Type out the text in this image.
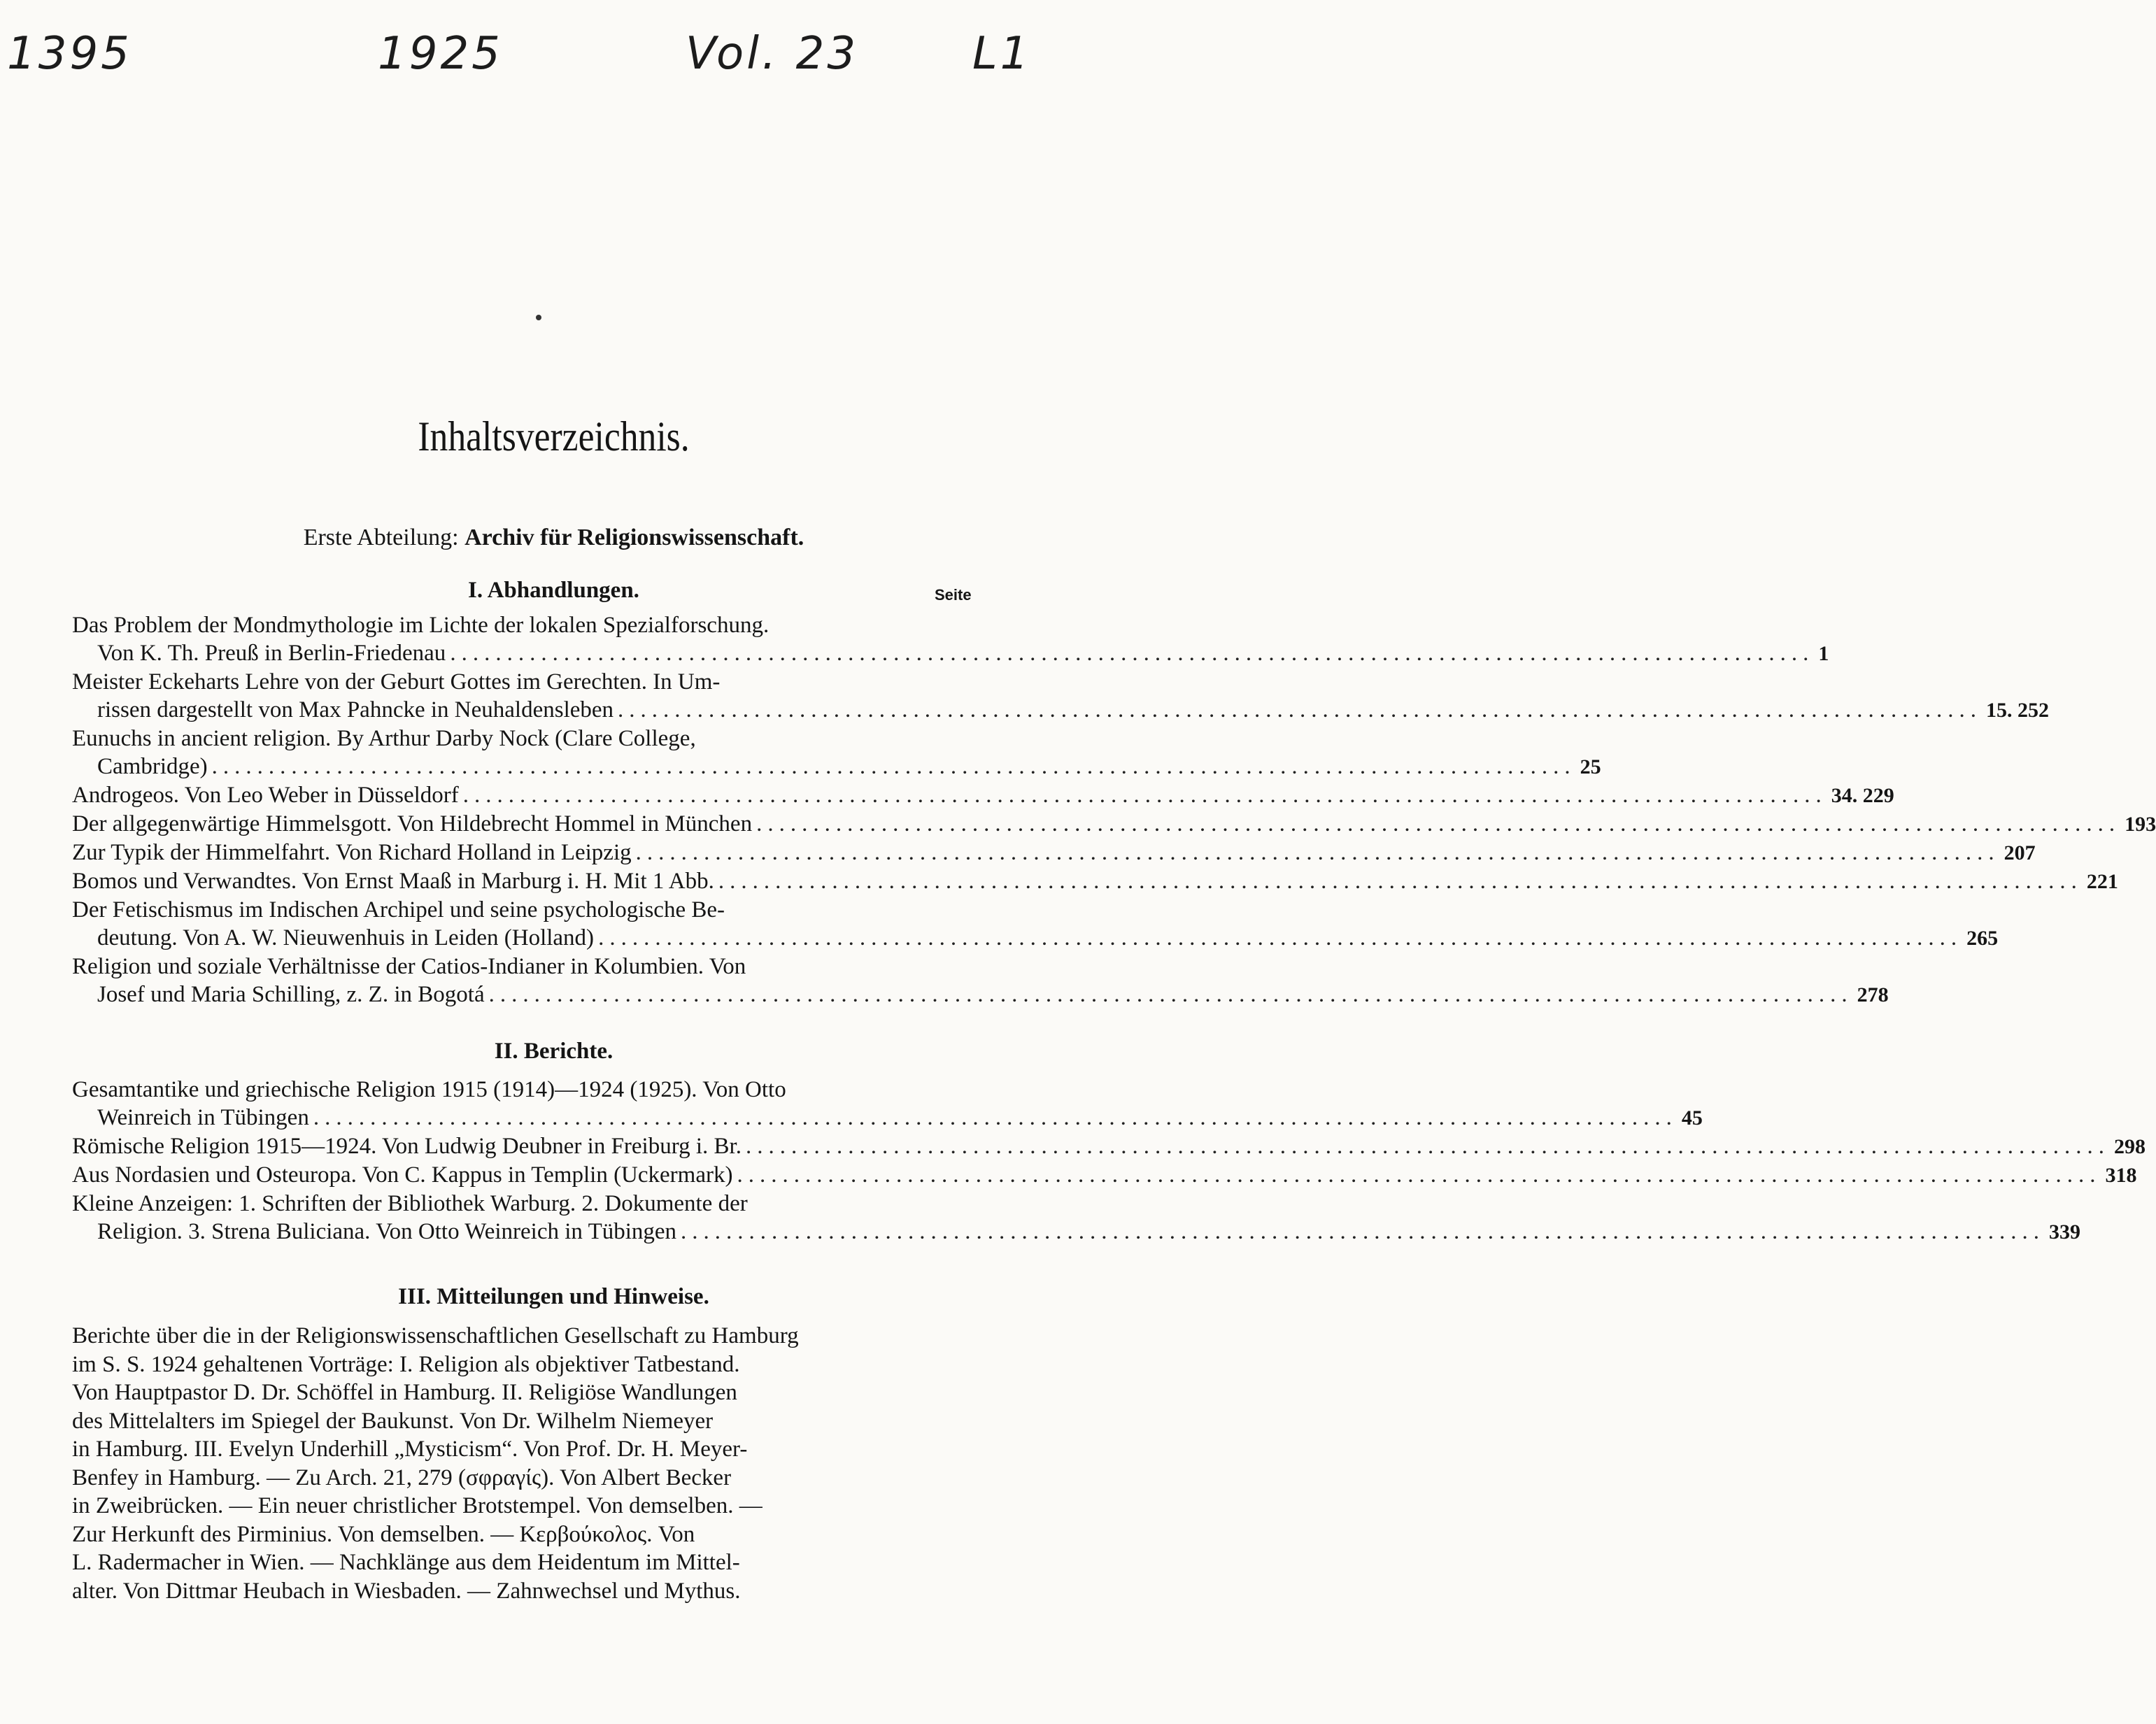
1395	1925	Vol. 23	L1
Inhaltsverzeichnis.
Erste Abteilung: Archiv für Religionswissenschaft.
I. Abhandlungen.	Seite
Das Problem der Mondmythologie im Lichte der lokalen Spezialforschung.
Von K. Th. Preuß in Berlin-Friedenau ........................................................................................................................ 1
Meister Eckeharts Lehre von der Geburt Gottes im Gerechten. In Um-
rissen dargestellt von Max Pahncke in Neuhaldensleben ........................................................................................................................ 15. 252
Eunuchs in ancient religion. By Arthur Darby Nock (Clare College,
Cambridge) ........................................................................................................................ 25
Androgeos. Von Leo Weber in Düsseldorf ........................................................................................................................ 34. 229
Der allgegenwärtige Himmelsgott. Von Hildebrecht Hommel in München ........................................................................................................................ 193
Zur Typik der Himmelfahrt. Von Richard Holland in Leipzig ........................................................................................................................ 207
Bomos und Verwandtes. Von Ernst Maaß in Marburg i. H. Mit 1 Abb. ........................................................................................................................ 221
Der Fetischismus im Indischen Archipel und seine psychologische Be-
deutung. Von A. W. Nieuwenhuis in Leiden (Holland) ........................................................................................................................ 265
Religion und soziale Verhältnisse der Catios-Indianer in Kolumbien. Von
Josef und Maria Schilling, z. Z. in Bogotá ........................................................................................................................ 278
II. Berichte.
Gesamtantike und griechische Religion 1915 (1914)—1924 (1925). Von Otto
Weinreich in Tübingen ........................................................................................................................ 45
Römische Religion 1915—1924. Von Ludwig Deubner in Freiburg i. Br. ........................................................................................................................ 298
Aus Nordasien und Osteuropa. Von C. Kappus in Templin (Uckermark) ........................................................................................................................ 318
Kleine Anzeigen: 1. Schriften der Bibliothek Warburg. 2. Dokumente der
Religion. 3. Strena Buliciana. Von Otto Weinreich in Tübingen ........................................................................................................................ 339
III. Mitteilungen und Hinweise.
Berichte über die in der Religionswissenschaftlichen Gesellschaft zu Hamburg
im S. S. 1924 gehaltenen Vorträge: I. Religion als objektiver Tatbestand.
Von Hauptpastor D. Dr. Schöffel in Hamburg. II. Religiöse Wandlungen
des Mittelalters im Spiegel der Baukunst. Von Dr. Wilhelm Niemeyer
in Hamburg. III. Evelyn Underhill „Mysticism“. Von Prof. Dr. H. Meyer-
Benfey in Hamburg. — Zu Arch. 21, 279 (σφραγίς). Von Albert Becker
in Zweibrücken. — Ein neuer christlicher Brotstempel. Von demselben. —
Zur Herkunft des Pirminius. Von demselben. — Κερβούκολος. Von
L. Radermacher in Wien. — Nachklänge aus dem Heidentum im Mittel-
alter. Von Dittmar Heubach in Wiesbaden. — Zahnwechsel und Mythus.
